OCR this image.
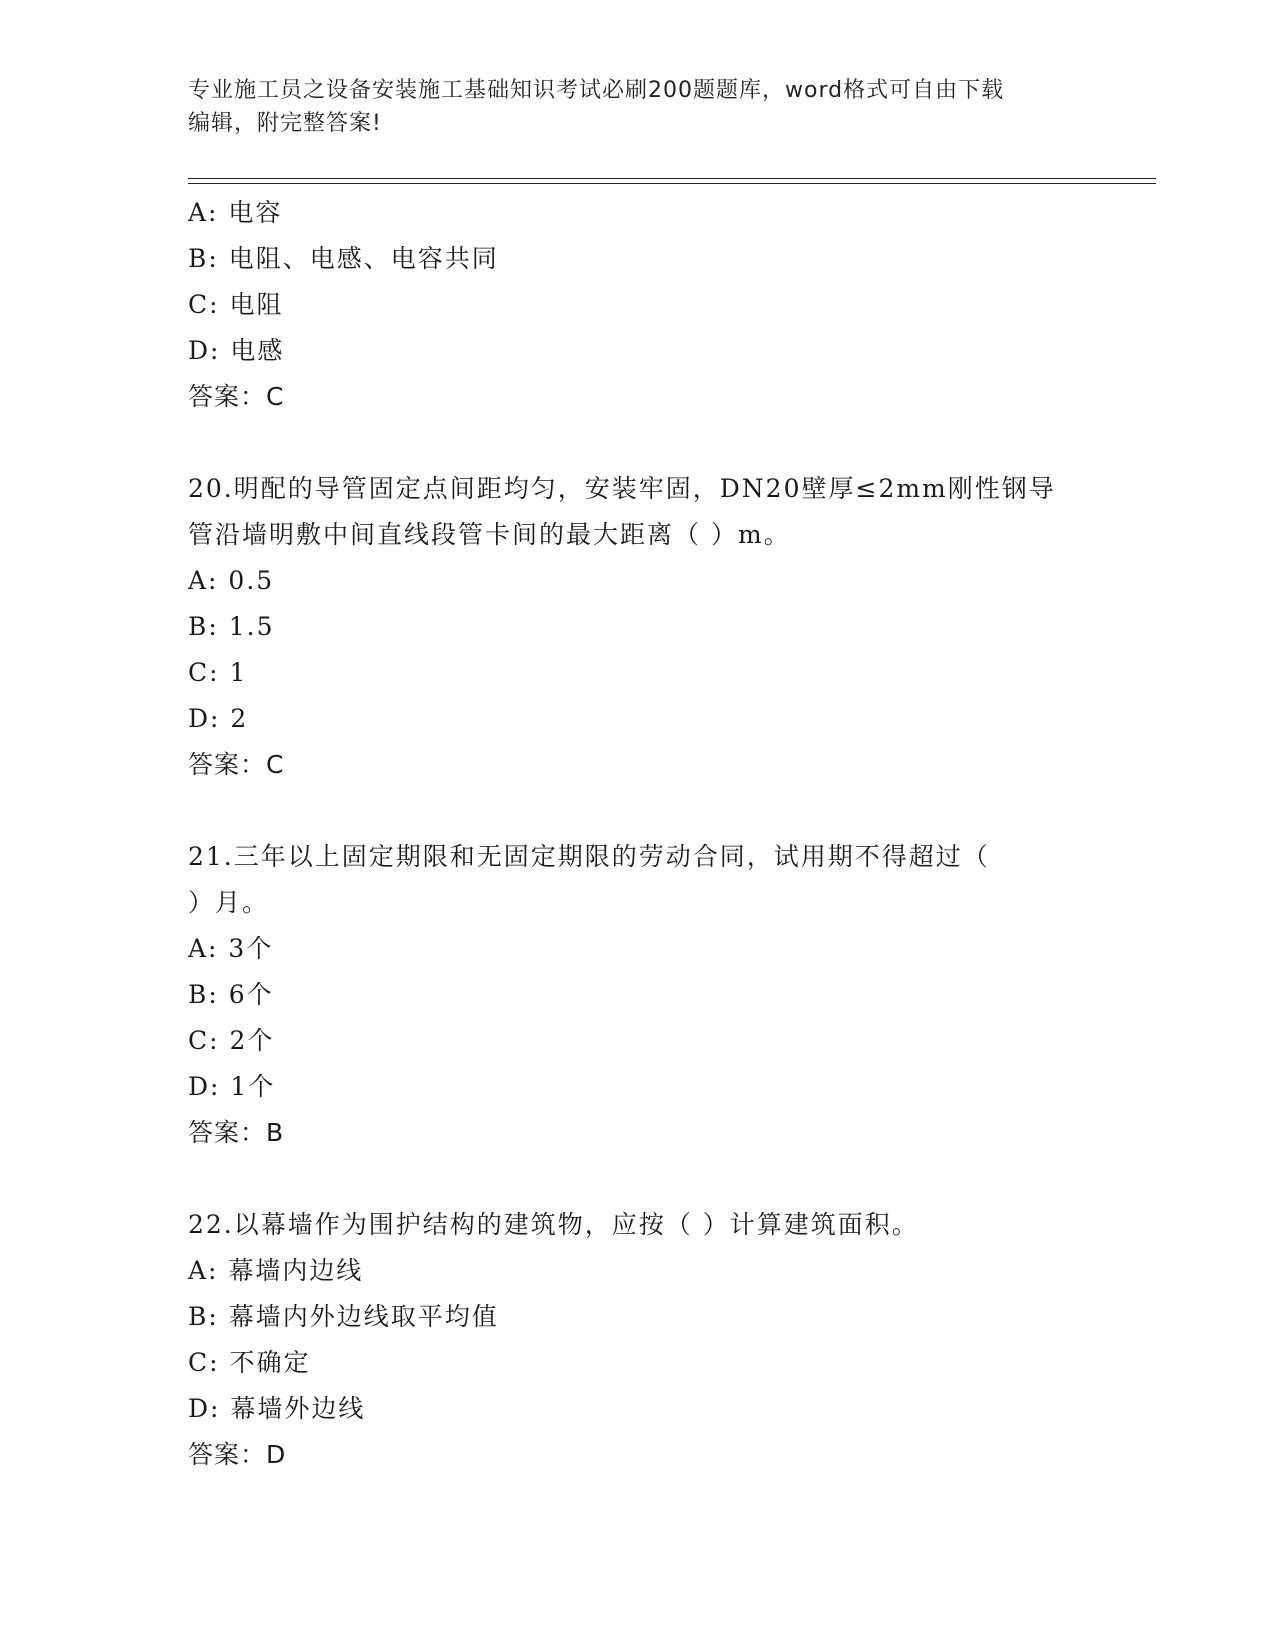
专业施工员之设备安装施工基础知识考试必刷200题题库，word格式可自由下载
编辑，附完整答案!
A: 电容
B: 电阻、电感、电容共同
C: 电阻
D: 电感
答案：C
20.明配的导管固定点间距均匀，安装牢固，DN20壁厚≤2mm刚性钢导
管沿墙明敷中间直线段管卡间的最大距离（ ）m。
A: 0.5
B: 1.5
C: 1
D: 2
答案：C
21.三年以上固定期限和无固定期限的劳动合同，试用期不得超过（
）月。
A: 3个
B: 6个
C: 2个
D: 1个
答案：B
22.以幕墙作为围护结构的建筑物，应按（ ）计算建筑面积。
A: 幕墙内边线
B: 幕墙内外边线取平均值
C: 不确定
D: 幕墙外边线
答案：D
